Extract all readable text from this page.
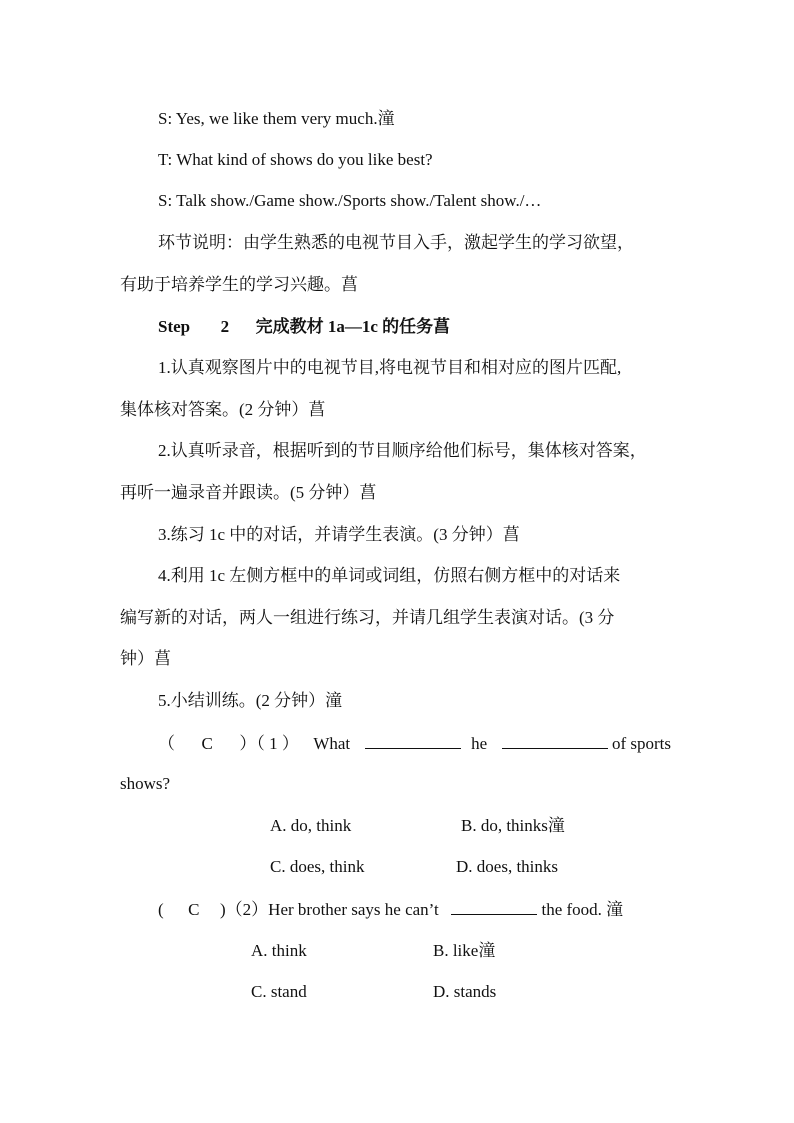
S: Yes, we like them very much.潼
T: What kind of shows do you like best?
S: Talk show./Game show./Sports show./Talent show./…
环节说明：由学生熟悉的电视节目入手，激起学生的学习欲望，
有助于培养学生的学习兴趣。菖
Step 2 完成教材 1a—1c 的任务菖
1.认真观察图片中的电视节目,将电视节目和相对应的图片匹配,
集体核对答案。(2 分钟）菖
2.认真听录音，根据听到的节目顺序给他们标号，集体核对答案，
再听一遍录音并跟读。(5 分钟）菖
3.练习 1c 中的对话，并请学生表演。(3 分钟）菖
4.利用 1c 左侧方框中的单词或词组，仿照右侧方框中的对话来
编写新的对话，两人一组进行练习，并请几组学生表演对话。(3 分
钟）菖
5.小结训练。(2 分钟）潼
（ C ）（ 1 ） What	he	of sports
shows?
A. do, think	B. do, thinks潼
C. does, think	D. does, thinks
( C )（2）Her brother says he can’t	the food. 潼
A. think	B. like潼
C. stand	D. stands
